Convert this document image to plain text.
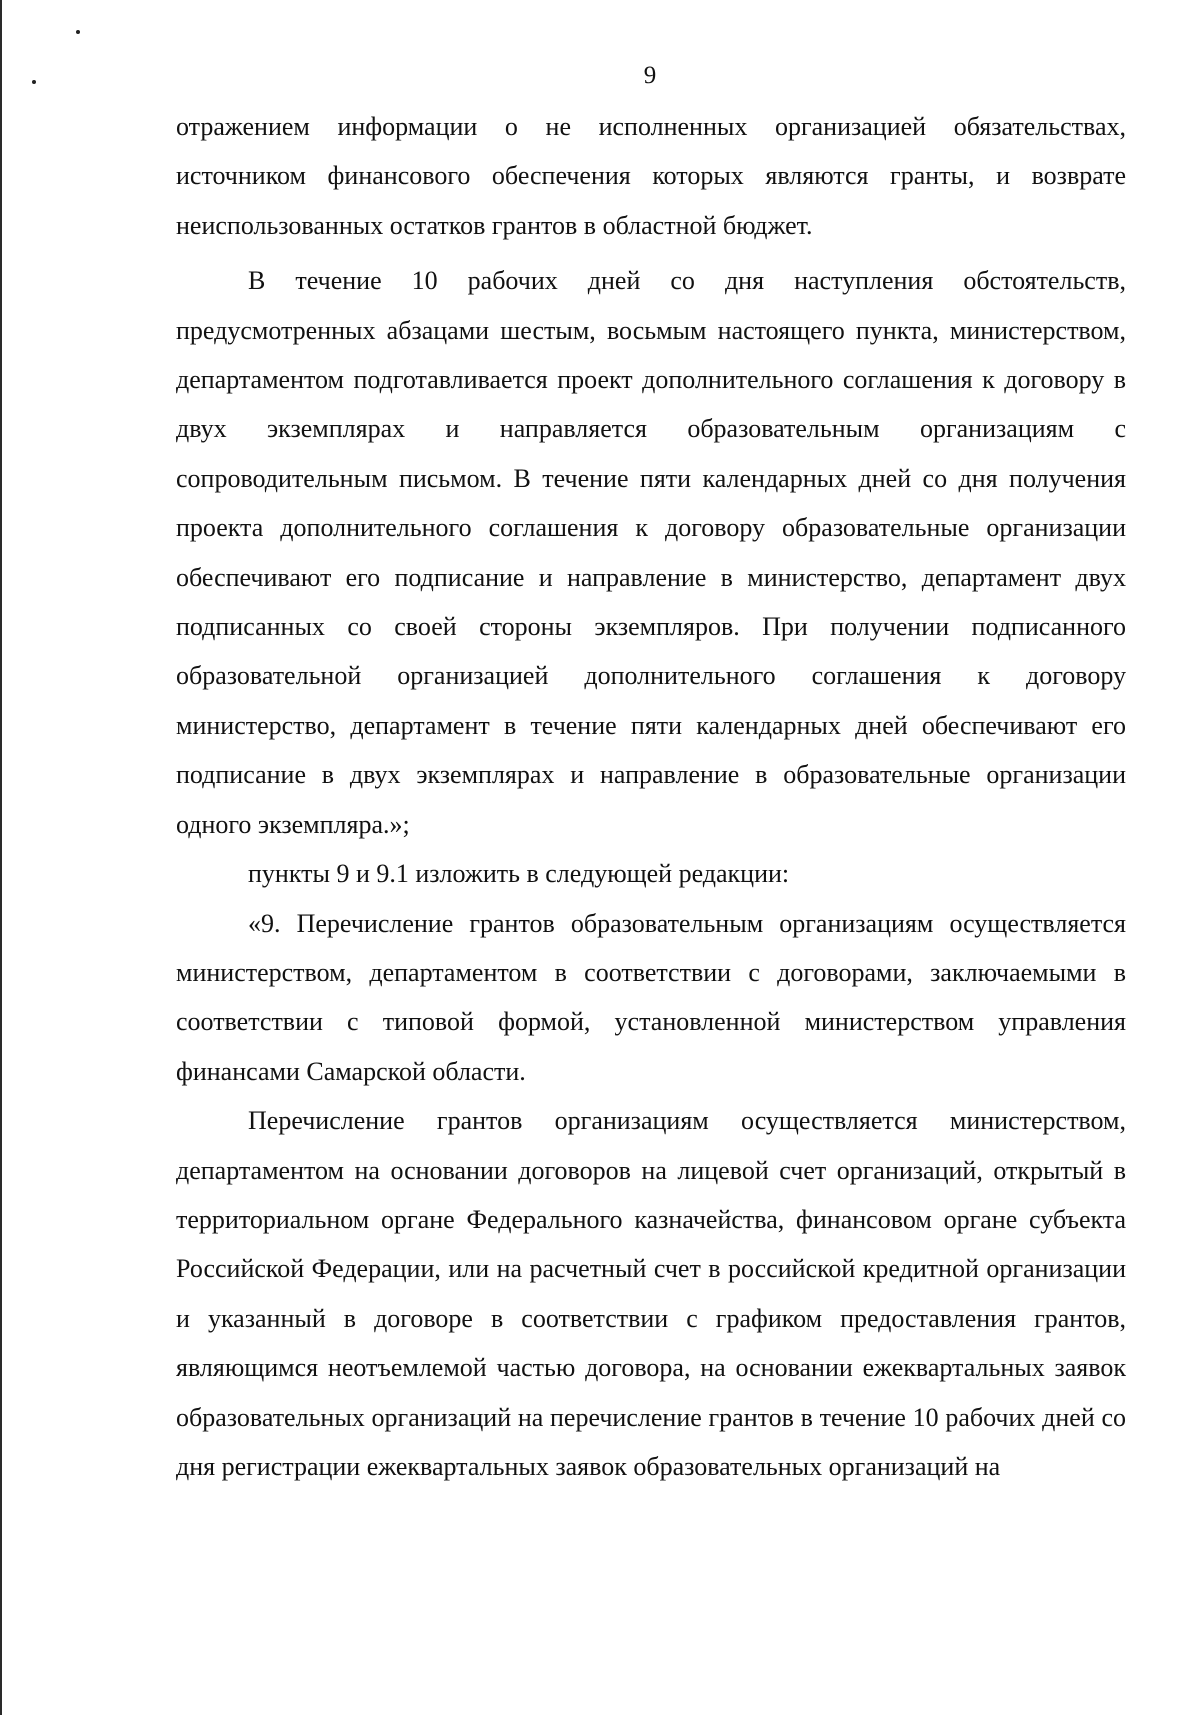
9

отражением информации о не исполненных организацией обязательствах, источником финансового обеспечения которых являются гранты, и возврате неиспользованных остатков грантов в областной бюджет.

В течение 10 рабочих дней со дня наступления обстоятельств, предусмотренных абзацами шестым, восьмым настоящего пункта, министерством, департаментом подготавливается проект дополнительного соглашения к договору в двух экземплярах и направляется образовательным организациям с сопроводительным письмом. В течение пяти календарных дней со дня получения проекта дополнительного соглашения к договору образовательные организации обеспечивают его подписание и направление в министерство, департамент двух подписанных со своей стороны экземпляров. При получении подписанного образовательной организацией дополнительного соглашения к договору министерство, департамент в течение пяти календарных дней обеспечивают его подписание в двух экземплярах и направление в образовательные организации одного экземпляра.»;

пункты 9 и 9.1 изложить в следующей редакции:

«9. Перечисление грантов образовательным организациям осуществляется министерством, департаментом в соответствии с договорами, заключаемыми в соответствии с типовой формой, установленной министерством управления финансами Самарской области.

Перечисление грантов организациям осуществляется министерством, департаментом на основании договоров на лицевой счет организаций, открытый в территориальном органе Федерального казначейства, финансовом органе субъекта Российской Федерации, или на расчетный счет в российской кредитной организации и указанный в договоре в соответствии с графиком предоставления грантов, являющимся неотъемлемой частью договора, на основании ежеквартальных заявок образовательных организаций на перечисление грантов в течение 10 рабочих дней со дня регистрации ежеквартальных заявок образовательных организаций на
